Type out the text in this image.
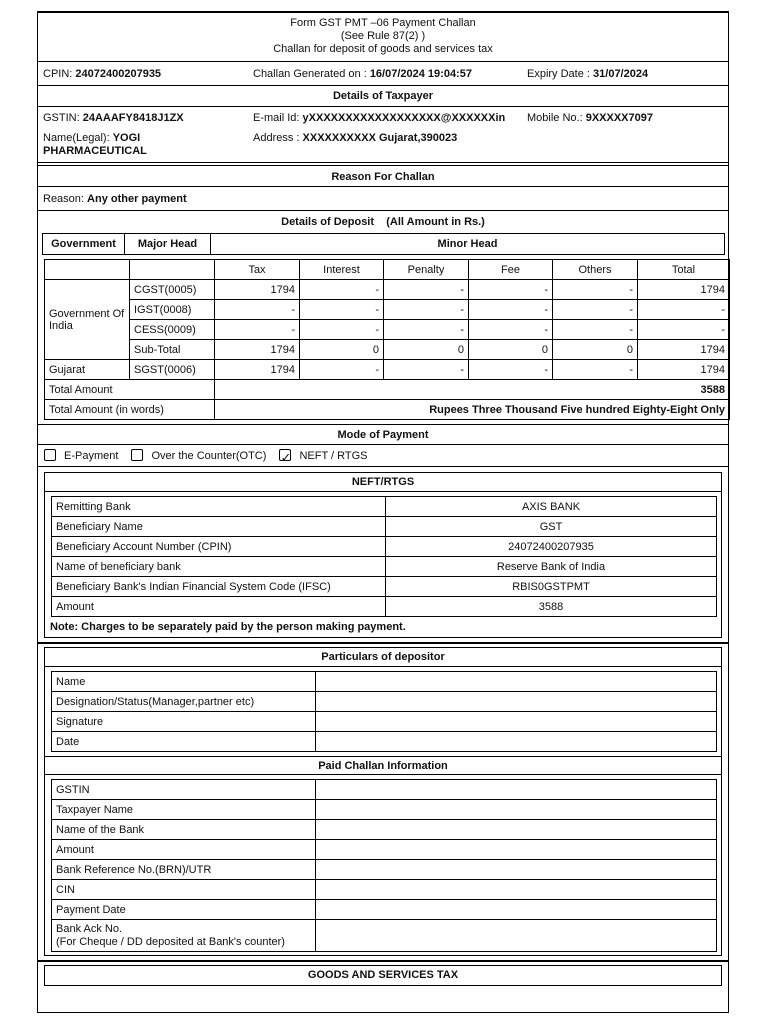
Form GST PMT –06 Payment Challan
(See Rule 87(2) )
Challan for deposit of goods and services tax
CPIN: 24072400207935	Challan Generated on : 16/07/2024 19:04:57	Expiry Date : 31/07/2024
Details of Taxpayer
GSTIN: 24AAAFY8418J1ZX	E-mail Id: yXXXXXXXXXXXXXXXXXX@XXXXXXin Mobile No.: 9XXXXX7097
Name(Legal): YOGI
PHARMACEUTICAL
Address : XXXXXXXXXX Gujarat,390023
Reason For Challan
Reason:
Any other payment
Details of Deposit (All Amount in Rs.)
Government	Major Head	Minor Head
		Tax	Interest	Penalty	Fee	Others	Total
Government Of India	CGST(0005)	1794	-	-	-	-	1794
	IGST(0008)	-	-	-	-	-	-
	CESS(0009)	-	-	-	-	-	-
	Sub-Total	1794	0	0	0	0	1794
Gujarat	SGST(0006)	1794	-	-	-	-	1794
Total Amount		3588					
Total Amount (in words)		Rupees Three Thousand Five hundred Eighty-Eight Only					
Mode of Payment
E-Payment	Over the Counter(OTC) ✓	NEFT / RTGS
NEFT/RTGS
Remitting Bank	AXIS BANK
Beneficiary Name	GST
Beneficiary Account Number (CPIN)	24072400207935
Name of beneficiary bank	Reserve Bank of India
Beneficiary Bank's Indian Financial System Code (IFSC)	RBIS0GSTPMT
Amount	3588
Note: Charges to be separately paid by the person making payment.
Particulars of depositor
Name	
Designation/Status(Manager,partner etc)	
Signature	
Date	
Paid Challan Information
GSTIN	
Taxpayer Name	
Name of the Bank	
Amount	
Bank Reference No.(BRN)/UTR	
CIN	
Payment Date	

Bank Ack No.
(For Cheque / DD deposited at Bank's counter)	

GOODS AND SERVICES TAX
